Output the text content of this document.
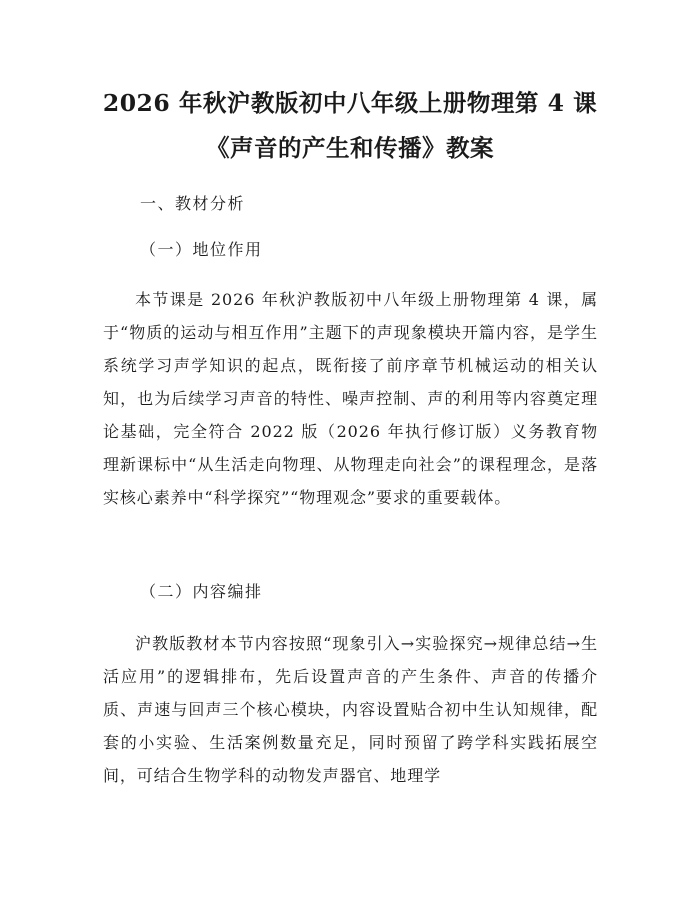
2026 年秋沪教版初中八年级上册物理第 4 课
《声音的产生和传播》教案
一、教材分析
（一）地位作用
本节课是 2026 年秋沪教版初中八年级上册物理第 4 课，属于“物质的运动与相互作用”主题下的声现象模块开篇内容，是学生系统学习声学知识的起点，既衔接了前序章节机械运动的相关认知，也为后续学习声音的特性、噪声控制、声的利用等内容奠定理论基础，完全符合 2022 版（2026 年执行修订版）义务教育物理新课标中“从生活走向物理、从物理走向社会”的课程理念，是落实核心素养中“科学探究”“物理观念”要求的重要载体。
（二）内容编排
沪教版教材本节内容按照“现象引入→实验探究→规律总结→生活应用”的逻辑排布，先后设置声音的产生条件、声音的传播介质、声速与回声三个核心模块，内容设置贴合初中生认知规律，配套的小实验、生活案例数量充足，同时预留了跨学科实践拓展空间，可结合生物学科的动物发声器官、地理学
